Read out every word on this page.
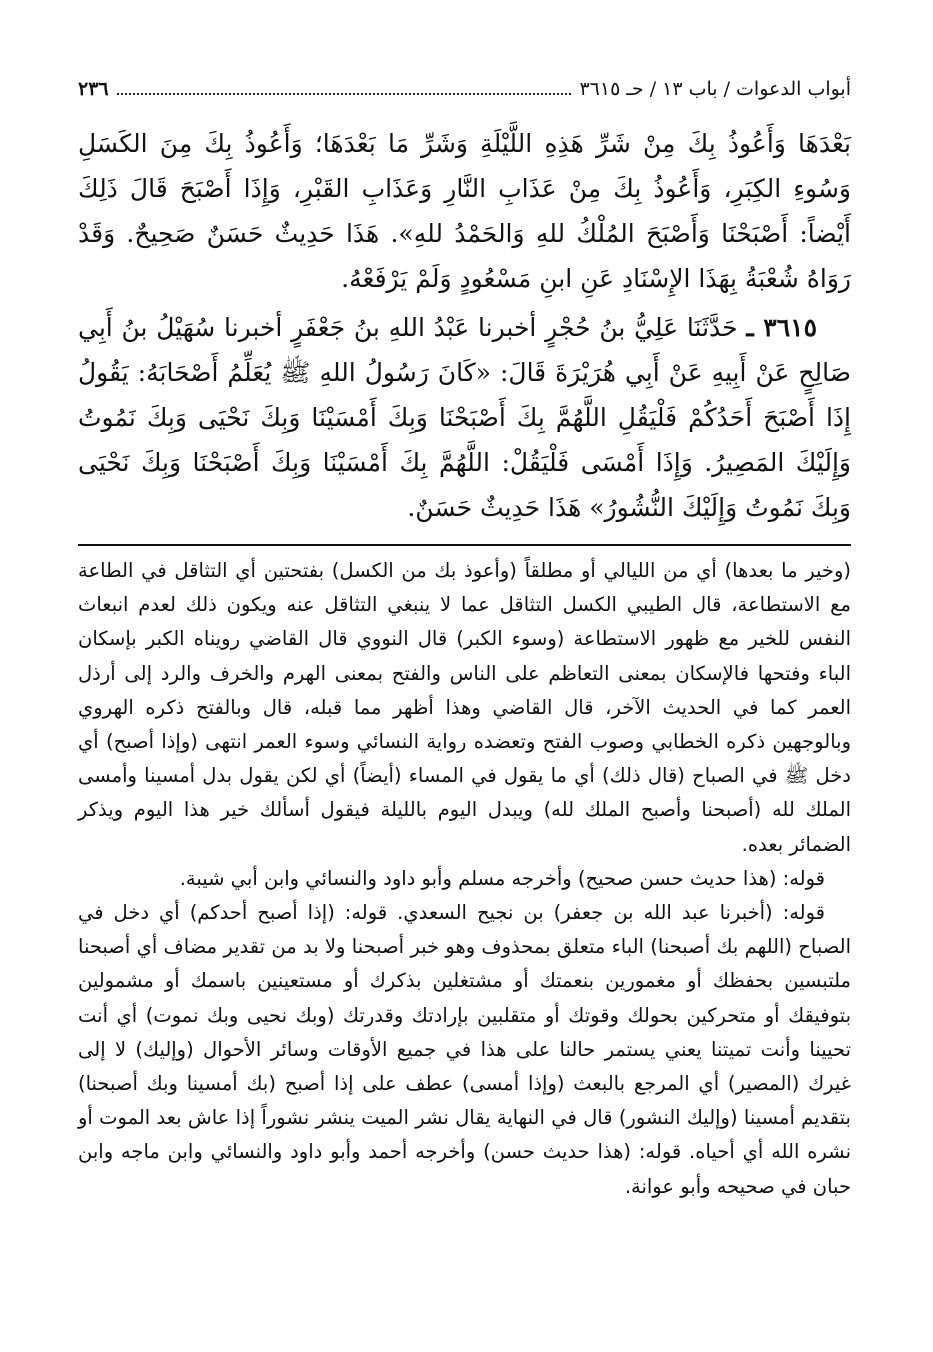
أبواب الدعوات / باب ١٣ / حـ ٣٦١٥
٢٣٦

بَعْدَهَا وَأَعُوذُ بِكَ مِنْ شَرِّ هَذِهِ اللَّيْلَةِ وَشَرِّ مَا بَعْدَهَا؛ وَأَعُوذُ بِكَ مِنَ الكَسَلِ وَسُوءِ الكِبَرِ، وَأَعُوذُ بِكَ مِنْ عَذَابِ النَّارِ وَعَذَابِ القَبْرِ، وَإِذَا أَصْبَحَ قَالَ ذَلِكَ أَيْضاً: أَصْبَحْنَا وَأَصْبَحَ المُلْكُ للهِ وَالحَمْدُ للهِ». هَذَا حَدِيثٌ حَسَنٌ صَحِيحٌ. وَقَدْ رَوَاهُ شُعْبَةُ بِهَذَا الإِسْنَادِ عَنِ ابنِ مَسْعُودٍ وَلَمْ يَرْفَعْهُ.

٣٦١٥ ـ حَدَّثَنَا عَلِيُّ بنُ حُجْرٍ أخبرنا عَبْدُ اللهِ بنُ جَعْفَرٍ أخبرنا سُهَيْلُ بنُ أَبِي صَالِحٍ عَنْ أَبِيهِ عَنْ أَبِي هُرَيْرَةَ قَالَ: «كَانَ رَسُولُ اللهِ ﷺ يُعَلِّمُ أَصْحَابَهُ: يَقُولُ إِذَا أَصْبَحَ أَحَدُكُمْ فَلْيَقُلِ اللَّهُمَّ بِكَ أَصْبَحْنَا وَبِكَ أَمْسَيْنَا وَبِكَ نَحْيَى وَبِكَ نَمُوتُ وَإِلَيْكَ المَصِيرُ. وَإِذَا أَمْسَى فَلْيَقُلْ: اللَّهُمَّ بِكَ أَمْسَيْنَا وَبِكَ أَصْبَحْنَا وَبِكَ نَحْيَى وَبِكَ نَمُوتُ وَإِلَيْكَ النُّشُورُ» هَذَا حَدِيثٌ حَسَنٌ.

(وخير ما بعدها) أي من الليالي أو مطلقاً (وأعوذ بك من الكسل) بفتحتين أي التثاقل في الطاعة مع الاستطاعة، قال الطيبي الكسل التثاقل عما لا ينبغي التثاقل عنه ويكون ذلك لعدم انبعاث النفس للخير مع ظهور الاستطاعة (وسوء الكبر) قال النووي قال القاضي رويناه الكبر بإسكان الباء وفتحها فالإسكان بمعنى التعاظم على الناس والفتح بمعنى الهرم والخرف والرد إلى أرذل العمر كما في الحديث الآخر، قال القاضي وهذا أظهر مما قبله، قال وبالفتح ذكره الهروي وبالوجهين ذكره الخطابي وصوب الفتح وتعضده رواية النسائي وسوء العمر انتهى (وإذا أصبح) أي دخل ﷺ في الصباح (قال ذلك) أي ما يقول في المساء (أيضاً) أي لكن يقول بدل أمسينا وأمسى الملك لله (أصبحنا وأصبح الملك لله) ويبدل اليوم بالليلة فيقول أسألك خير هذا اليوم ويذكر الضمائر بعده.

قوله: (هذا حديث حسن صحيح) وأخرجه مسلم وأبو داود والنسائي وابن أبي شيبة.

قوله: (أخبرنا عبد الله بن جعفر) بن نجيح السعدي. قوله: (إذا أصبح أحدكم) أي دخل في الصباح (اللهم بك أصبحنا) الباء متعلق بمحذوف وهو خبر أصبحنا ولا بد من تقدير مضاف أي أصبحنا ملتبسين بحفظك أو مغمورين بنعمتك أو مشتغلين بذكرك أو مستعينين باسمك أو مشمولين بتوفيقك أو متحركين بحولك وقوتك أو متقلبين بإرادتك وقدرتك (وبك نحيى وبك نموت) أي أنت تحيينا وأنت تميتنا يعني يستمر حالنا على هذا في جميع الأوقات وسائر الأحوال (وإليك) لا إلى غيرك (المصير) أي المرجع بالبعث (وإذا أمسى) عطف على إذا أصبح (بك أمسينا وبك أصبحنا) بتقديم أمسينا (وإليك النشور) قال في النهاية يقال نشر الميت ينشر نشوراً إذا عاش بعد الموت أو نشره الله أي أحياه. قوله: (هذا حديث حسن) وأخرجه أحمد وأبو داود والنسائي وابن ماجه وابن حبان في صحيحه وأبو عوانة.
